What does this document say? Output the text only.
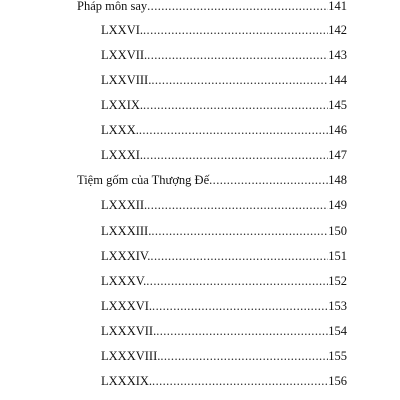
Pháp môn say .....	141
LXXVI. .....	142
LXXVII. .....	143
LXXVIII. .....	144
LXXIX. .....	145
LXXX. .....	146
LXXXI. .....	147
Tiệm gốm của Thượng Đế .....	148
LXXXII. .....	149
LXXXIII. .....	150
LXXXIV. .....	151
LXXXV. .....	152
LXXXVI. .....	153
LXXXVII. .....	154
LXXXVIII. .....	155
LXXXIX. .....	156
